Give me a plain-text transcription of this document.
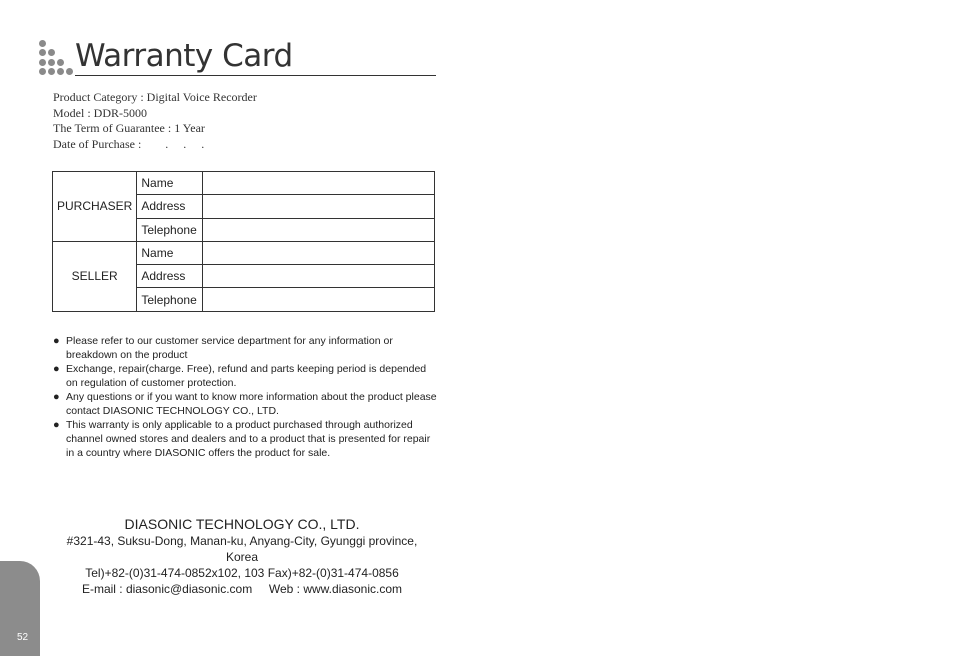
Warranty Card
Product Category : Digital Voice Recorder
Model : DDR-5000
The Term of Guarantee : 1 Year
Date of Purchase :        .     .     .
PURCHASER	Name	
	Address	
	Telephone	
SELLER	Name	
	Address	
	Telephone	
● Please refer to our customer service department for any information or breakdown on the product
● Exchange, repair(charge. Free), refund and parts keeping period is depended on regulation of customer protection.
● Any questions or if you want to know more information about the product please contact DIASONIC TECHNOLOGY CO., LTD.
● This warranty is only applicable to a product purchased through authorized channel owned stores and dealers and to a product that is presented for repair in a country where DIASONIC offers the product for sale.
DIASONIC TECHNOLOGY CO., LTD.
#321-43, Suksu-Dong, Manan-ku, Anyang-City, Gyunggi province, Korea
Tel)+82-(0)31-474-0852x102, 103 Fax)+82-(0)31-474-0856
E-mail : diasonic@diasonic.com     Web : www.diasonic.com
52
